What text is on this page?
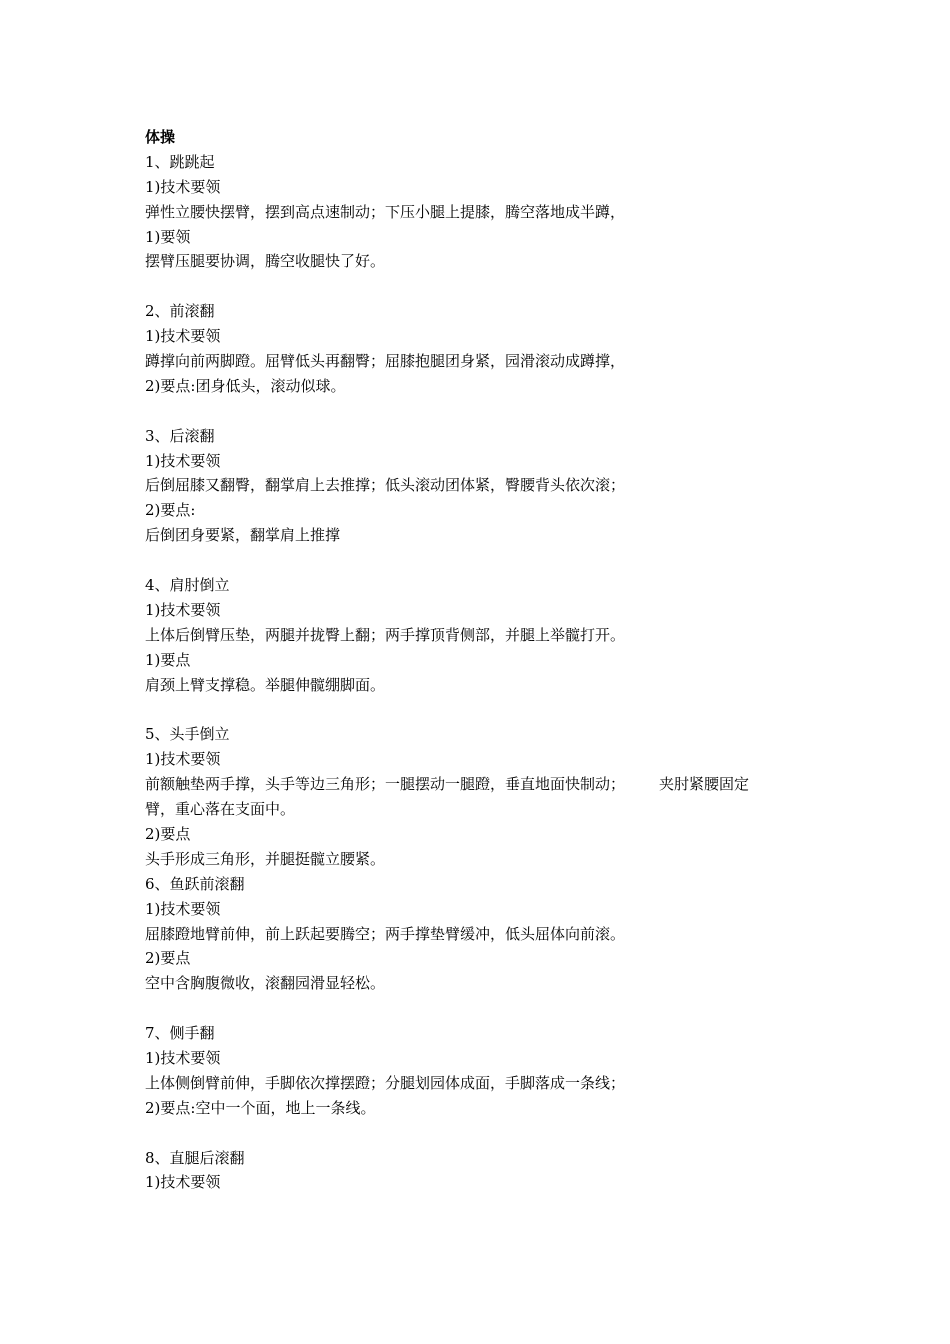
体操
1、跳跳起
1)技术要领
弹性立腰快摆臂，摆到高点速制动；下压小腿上提膝，腾空落地成半蹲，
1)要领
摆臂压腿要协调，腾空收腿快了好。
2、前滚翻
1)技术要领
蹲撑向前两脚蹬。屈臂低头再翻臀；屈膝抱腿团身紧，园滑滚动成蹲撑，
2)要点:团身低头，滚动似球。
3、后滚翻
1)技术要领
后倒屈膝又翻臀，翻掌肩上去推撑；低头滚动团体紧，臀腰背头依次滚；
2)要点:
后倒团身要紧，翻掌肩上推撑
4、肩肘倒立
1)技术要领
上体后倒臂压垫，两腿并拢臀上翻；两手撑顶背侧部，并腿上举髋打开。
1)要点
肩颈上臂支撑稳。举腿伸髋绷脚面。
5、头手倒立
1)技术要领
前额触垫两手撑，头手等边三角形；一腿摆动一腿蹬，垂直地面快制动； 夹肘紧腰固定
臂，重心落在支面中。
2)要点
头手形成三角形，并腿挺髋立腰紧。
6、鱼跃前滚翻
1)技术要领
屈膝蹬地臂前伸，前上跃起要腾空；两手撑垫臂缓冲，低头屈体向前滚。
2)要点
空中含胸腹微收，滚翻园滑显轻松。
7、侧手翻
1)技术要领
上体侧倒臂前伸，手脚依次撑摆蹬；分腿划园体成面，手脚落成一条线；
2)要点:空中一个面，地上一条线。
8、直腿后滚翻
1)技术要领
